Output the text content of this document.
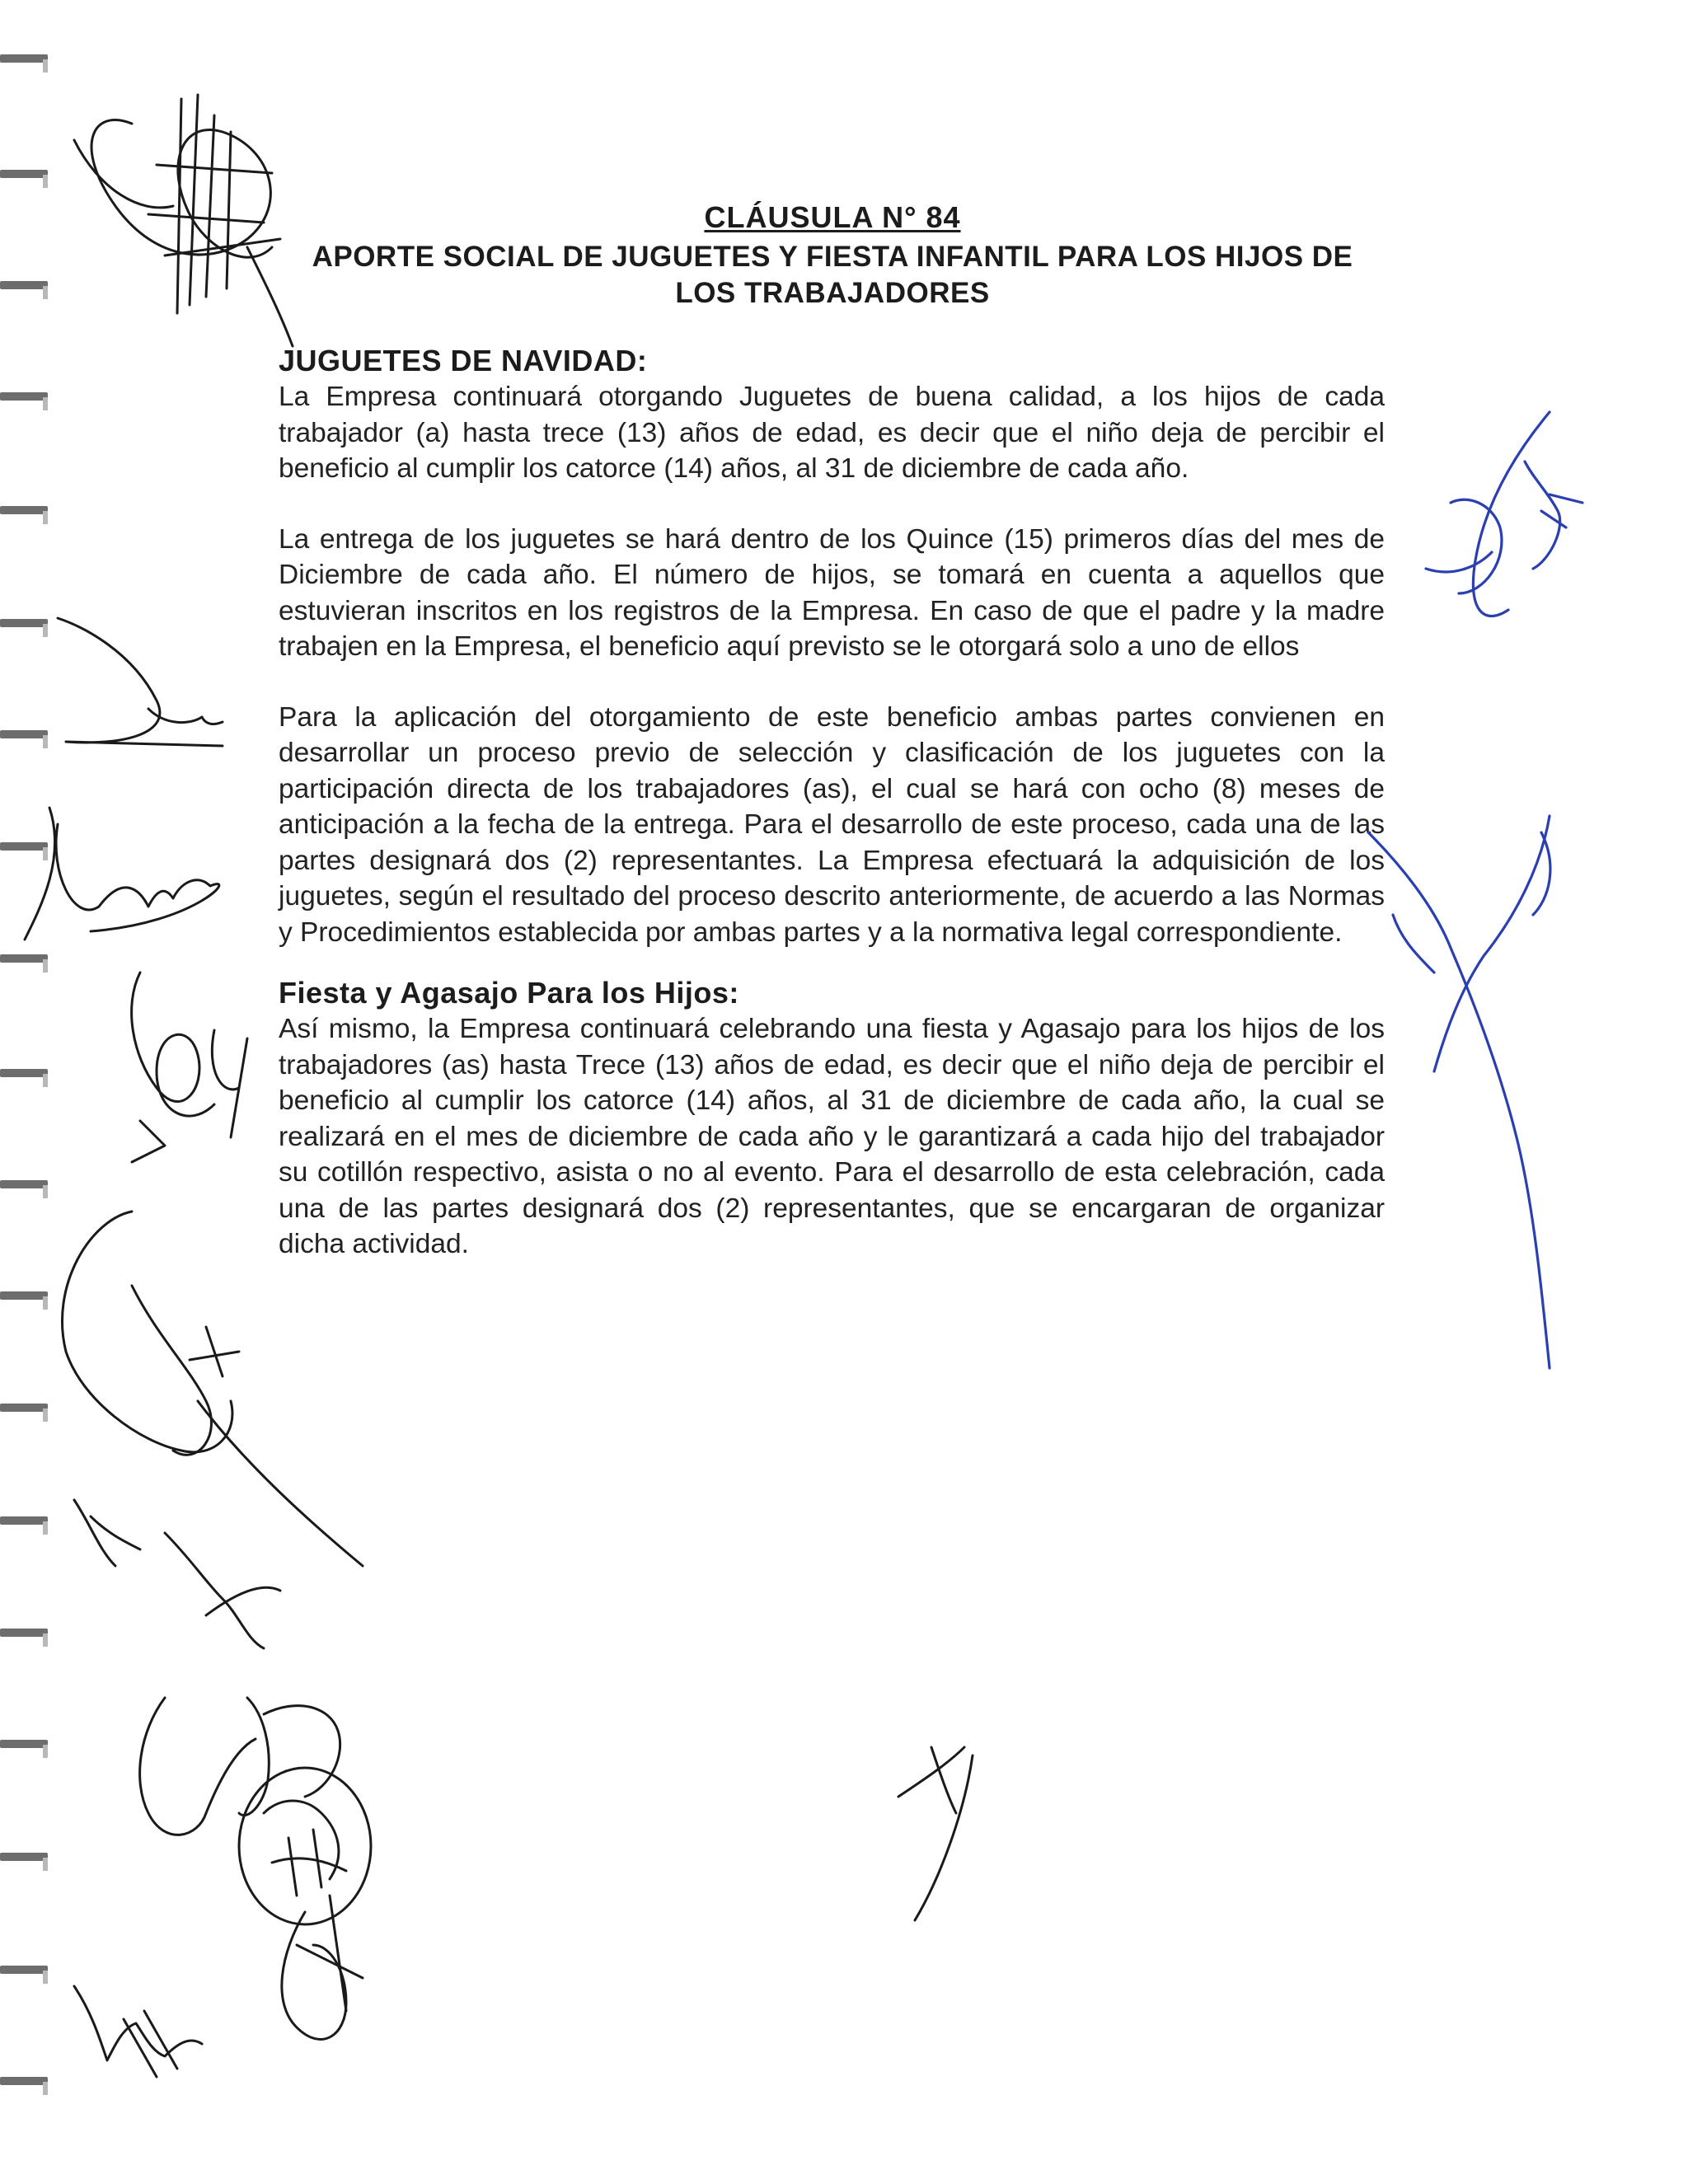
CLÁUSULA N° 84

APORTE SOCIAL DE JUGUETES Y FIESTA INFANTIL PARA LOS HIJOS DE LOS TRABAJADORES

JUGUETES DE NAVIDAD:

La Empresa continuará otorgando Juguetes de buena calidad, a los hijos de cada trabajador (a) hasta trece (13) años de edad, es decir que el niño deja de percibir el beneficio al cumplir los catorce (14) años, al 31 de diciembre de cada año.

La entrega de los juguetes se hará dentro de los Quince (15) primeros días del mes de Diciembre de cada año. El número de hijos, se tomará en cuenta a aquellos que estuvieran inscritos en los registros de la Empresa. En caso de que el padre y la madre trabajen en la Empresa, el beneficio aquí previsto se le otorgará solo a uno de ellos

Para la aplicación del otorgamiento de este beneficio ambas partes convienen en desarrollar un proceso previo de selección y clasificación de los juguetes con la participación directa de los trabajadores (as), el cual se hará con ocho (8) meses de anticipación a la fecha de la entrega. Para el desarrollo de este proceso, cada una de las partes designará dos (2) representantes. La Empresa efectuará la adquisición de los juguetes, según el resultado del proceso descrito anteriormente, de acuerdo a las Normas y Procedimientos establecida por ambas partes y a la normativa legal correspondiente.

Fiesta y Agasajo Para los Hijos:

Así mismo, la Empresa continuará celebrando una fiesta y Agasajo para los hijos de los trabajadores (as) hasta Trece (13) años de edad, es decir que el niño deja de percibir el beneficio al cumplir los catorce (14) años, al 31 de diciembre de cada año, la cual se realizará en el mes de diciembre de cada año y le garantizará a cada hijo del trabajador su cotillón respectivo, asista o no al evento. Para el desarrollo de esta celebración, cada una de las partes designará dos (2) representantes, que se encargaran de organizar dicha actividad.
